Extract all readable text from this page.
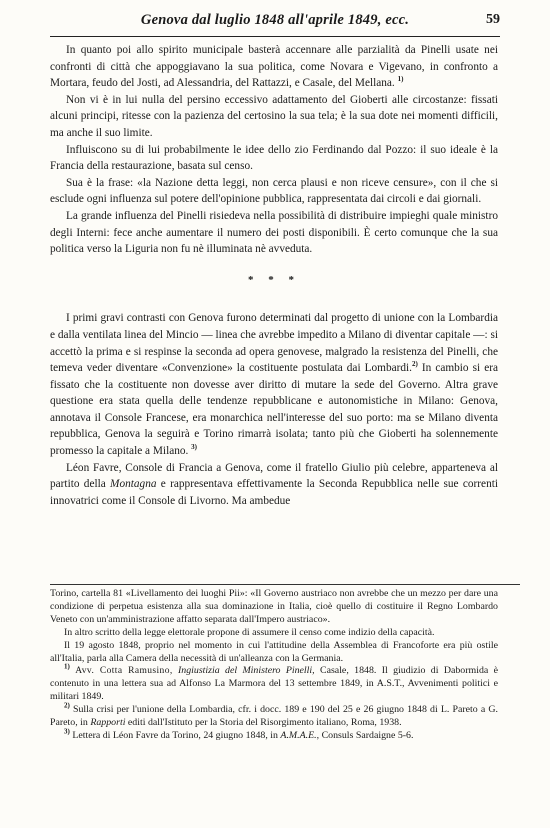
Genova dal luglio 1848 all'aprile 1849, ecc.	59

In quanto poi allo spirito municipale basterà accennare alle parzialità da Pinelli usate nei confronti di città che appoggiavano la sua politica, come Novara e Vigevano, in confronto a Mortara, feudo del Josti, ad Alessandria, del Rattazzi, e Casale, del Mellana. $^{1)}$

Non vi è in lui nulla del persino eccessivo adattamento del Gioberti alle circostanze: fissati alcuni principi, ritesse con la pazienza del certosino la sua tela; è la sua dote nei momenti difficili, ma anche il suo limite.

Influiscono su di lui probabilmente le idee dello zio Ferdinando dal Pozzo: il suo ideale è la Francia della restaurazione, basata sul censo.

Sua è la frase: «la Nazione detta leggi, non cerca plausi e non riceve censure», con il che si esclude ogni influenza sul potere dell'opinione pubblica, rappresentata dai circoli e dai giornali.

La grande influenza del Pinelli risiedeva nella possibilità di distribuire impieghi quale ministro degli Interni: fece anche aumentare il numero dei posti disponibili. È certo comunque che la sua politica verso la Liguria non fu nè illuminata nè avveduta.

* * *

I primi gravi contrasti con Genova furono determinati dal progetto di unione con la Lombardia e dalla ventilata linea del Mincio — linea che avrebbe impedito a Milano di diventar capitale —: si accettò la prima e si respinse la seconda ad opera genovese, malgrado la resistenza del Pinelli, che temeva veder diventare «Convenzione» la costituente postulata dai Lombardi.$^{2)}$ In cambio si era fissato che la costituente non dovesse aver diritto di mutare la sede del Governo. Altra grave questione era stata quella delle tendenze repubblicane e autonomistiche in Milano: Genova, annotava il Console Francese, era monarchica nell'interesse del suo porto: ma se Milano diventa repubblica, Genova la seguirà e Torino rimarrà isolata; tanto più che Gioberti ha solennemente promesso la capitale a Milano. $^{3)}$

Léon Favre, Console di Francia a Genova, come il fratello Giulio più celebre, apparteneva al partito della Montagna e rappresentava effettivamente la Seconda Repubblica nelle sue correnti innovatrici come il Console di Livorno. Ma ambedue

Torino, cartella 81 «Livellamento dei luoghi Pii»: «Il Governo austriaco non avrebbe che un mezzo per dare una condizione di perpetua esistenza alla sua dominazione in Italia, cioè quello di costituire il Regno Lombardo Veneto con un'amministrazione affatto separata dall'Impero austriaco».

In altro scritto della legge elettorale propone di assumere il censo come indizio della capacità.

Il 19 agosto 1848, proprio nel momento in cui l'attitudine della Assemblea di Francoforte era più ostile all'Italia, parla alla Camera della necessità di un'alleanza con la Germania.

$^{1)}$ Avv. Cotta Ramusino, Ingiustizia del Ministero Pinelli, Casale, 1848. Il giudizio di Dabormida è contenuto in una lettera sua ad Alfonso La Marmora del 13 settembre 1849, in A.S.T., Avvenimenti politici e militari 1849.

$^{2)}$ Sulla crisi per l'unione della Lombardia, cfr. i docc. 189 e 190 del 25 e 26 giugno 1848 di L. Pareto a G. Pareto, in Rapporti editi dall'Istituto per la Storia del Risorgimento italiano, Roma, 1938.

$^{3)}$ Lettera di Léon Favre da Torino, 24 giugno 1848, in A.M.A.E., Consuls Sardaigne 5-6.
